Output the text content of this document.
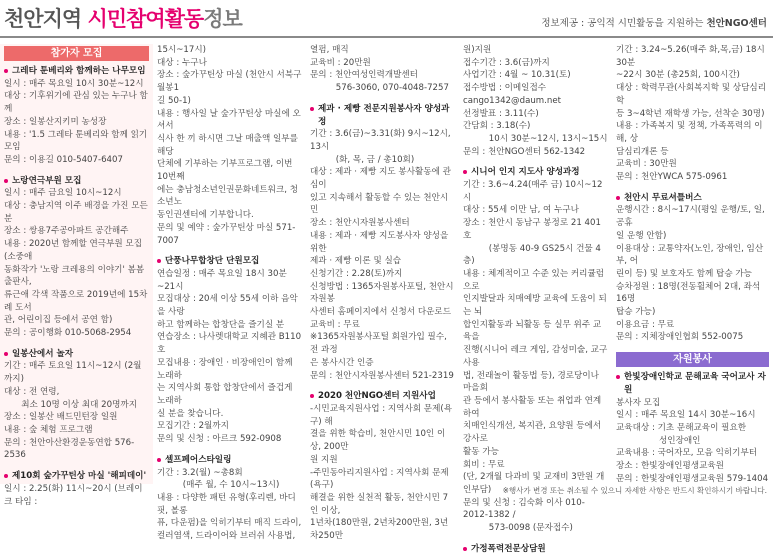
천안지역 시민참여활동정보	정보제공 : 공익적 시민활동을 지원하는 천안NGO센터
참가자 모집
그레타 툰베리와 함께하는 나무모임
일시 : 매주 목요일 10시 30분~12시
대상 : 기후위기에 관심 있는 누구나 함께
장소 : 일봉산지키미 농성장
내용 : '1.5 그레타 툰베리와 함께 읽기모임
문의 : 이용길 010-5407-6407
노랑연극부원 모집
일시 : 매주 금요일 10시~12시
대상 : 충남지역 이주 배경을 가진 모든 분
장소 : 쌍용7주공아파트 공간해주
내용 : 2020년 함께할 연극부원 모집(소중애
동화작가 '노랑 크레용의 이야기' 봄봄출판사,
류근애 각색 작품으로 2019년에 15차례 도서
관, 어린이집 등에서 공연 함)
문의 : 공이행화 010-5068-2954
일봉산에서 놀자
기간 : 매주 토요일 11시~12시 (2월까지)
대상 : 전 연령,
　　최소 10명 이상 최대 20명까지
장소 : 일봉산 배드민턴장 일원
내용 : 숲 체험 프로그램
문의 : 천안아산환경운동연합 576-2536
제10회 숲가꾸틴상 마실 '해피데이'
일시 : 2.25(화) 11시~20시 (브레이크 타임 :
15시~17시)
대상 : 누구나
장소 : 숲가꾸틴상 마실 (천안시 서북구 월봉1
길 50-1)
내용 : 행사일 날 숲가꾸틴상 마실에 오셔서
식사 한 끼 하시면 그날 매출액 일부를 해당
단체에 기부하는 기부프로그램, 이번 10번째
에는 충남청소년인권문화네트워크, 청소년노
동인권센터에 기부합니다.
문의 및 예약 : 숲가꾸틴상 마실 571-7007
단풍나무합창단 단원모집
연습일정 : 매주 목요일 18시 30분~21시
모집대상 : 20세 이상 55세 이하 음악을 사랑
하고 함께하는 합창단을 즐기실 분
연습장소 : 나사렛대학교 지혜관 B110호
모집내용 : 장애인 · 비장애인이 함께 노래하
는 지역사회 통합 합창단에서 즐겁게 노래하
실 분을 찾습니다.
모집기간 : 2월까지
문의 및 신청 : 아르크 592-0908
셀프페어스타일링
기간 : 3.2(월) ~총8회
　　　(매주 월, 수 10시~13시)
내용 : 다양한 패턴 유형(후리렌, 바디핏, 볼롱
퓨, 다운펌)을 익히기부터 매직 드라이,
컬러염색, 드라이어와 브러쉬 사용법,
열펌, 매직
교육비 : 20만원
문의 : 천안여성인력개발센터
　　　576-3060, 070-4048-7257
제과 · 제빵 전문지원봉사자 양성과정
기간 : 3.6(금)~3.31(화) 9시~12시, 13시
　　　(화, 목, 금 / 총10회)
대상 : 제과 · 제빵 지도 봉사활동에 관심이
있고 지속해서 활동할 수 있는 천안시민
장소 : 천안시자원봉사센터
내용 : 제과 · 제빵 지도봉사자 양성을 위한
제과 · 제빵 이론 및 실습
신청기간 : 2.28(토)까지
신청방법 : 1365자원봉사포털, 천안시자원봉
사센터 홈페이지에서 신청서 다운로드
교육비 : 무료
※1365자원봉사포털 회원가입 필수, 전 과정
은 봉사시간 인증
문의 : 천안시자원봉사센터 521-2319
2020 천안NGO센터 지원사업
-시민교육지원사업 : 지역사회 문제(욕구) 해
결을 위한 학습비, 천안시민 10인 이상, 200만
원 지원
-주민동아리지원사업 : 지역사회 문제(욕구)
해결을 위한 실천적 활동, 천안시민 7인 이상,
1년차(180만원, 2년차200만원, 3년차250만
원)지원
접수기간 : 3.6(금)까지
사업기간 : 4월 ~ 10.31(토)
접수방법 : 이메일접수 cango1342@daum.net
선정발표 : 3.11(수)
간담회 : 3.18(수)
　　　10시 30분~12시, 13시~15시
문의 : 천안NGO센터 562-1342
시니어 인지 지도사 양성과정
기간 : 3.6~4.24(매주 금) 10시~12시
대상 : 55세 이만 남, 여 누구나
장소 : 천안시 동남구 봉정로 21 401호
　　　(봉명동 40-9 GS25시 건물 4층)
내용 : 체계적이고 수준 있는 커리큘럼으로
인지발달과 치매예방 교육에 도움이 되는 뇌
합인지활동과 뇌활동 등 실무 위주 교육을
진행(시니어 레크 게임, 감성미술, 교구사용
법, 전래놀이 활동법 등), 경로당이나 마을회
관 등에서 봉사활동 또는 취업과 연계하여
치매인식개선, 복지관, 요양원 등에서 강사로
활동 가능
회비 : 무료
(단, 2개월 다과비 및 교재비 3만원 개인부담)
문의 및 신청 : 김숙화 이사 010-2012-1382 /
　　　573-0098 (문자접수)
가정폭력전문상담원
기간 : 3.24~5.26(매주 화,목,금) 18시 30분
~22시 30분 (총25회, 100시간)
대상 : 학력무관(사회복지학 및 상담심리학
등 3~4학년 재학생 가능, 선착순 30명)
내용 : 가족복지 및 정책, 가족폭력의 이해, 상
담심리개론 등
교육비 : 30만원
문의 : 천안YWCA 575-0961
천안시 무료셔틀버스
운행시간 : 8시~17시(평일 운행/토, 일, 공휴
일 운행 안함)
이용대상 : 교통약자(노인, 장애인, 임산부, 어
린이 등) 및 보호자도 함께 탑승 가능
승차정원 : 18명(전동휠체어 2대, 좌석 16명
탑승 가능)
이용요금 : 무료
문의 : 지체장애인협회 552-0075
자원봉사
한빛장애인학교 문해교육 국어교사 자원
봉사자 모집
일시 : 매주 목요일 14시 30분~16시
교육대상 : 기초 문해교육이 필요한
　　　　　성인장애인
교육내용 : 국어자모, 모음 익히기부터
장소 : 한빛장애인평생교육원
문의 : 한빛장애인평생교육원 579-1404
※행사가 변경 또는 취소될 수 있으니 자세한 사항은 반드시 확인하시기 바랍니다.
